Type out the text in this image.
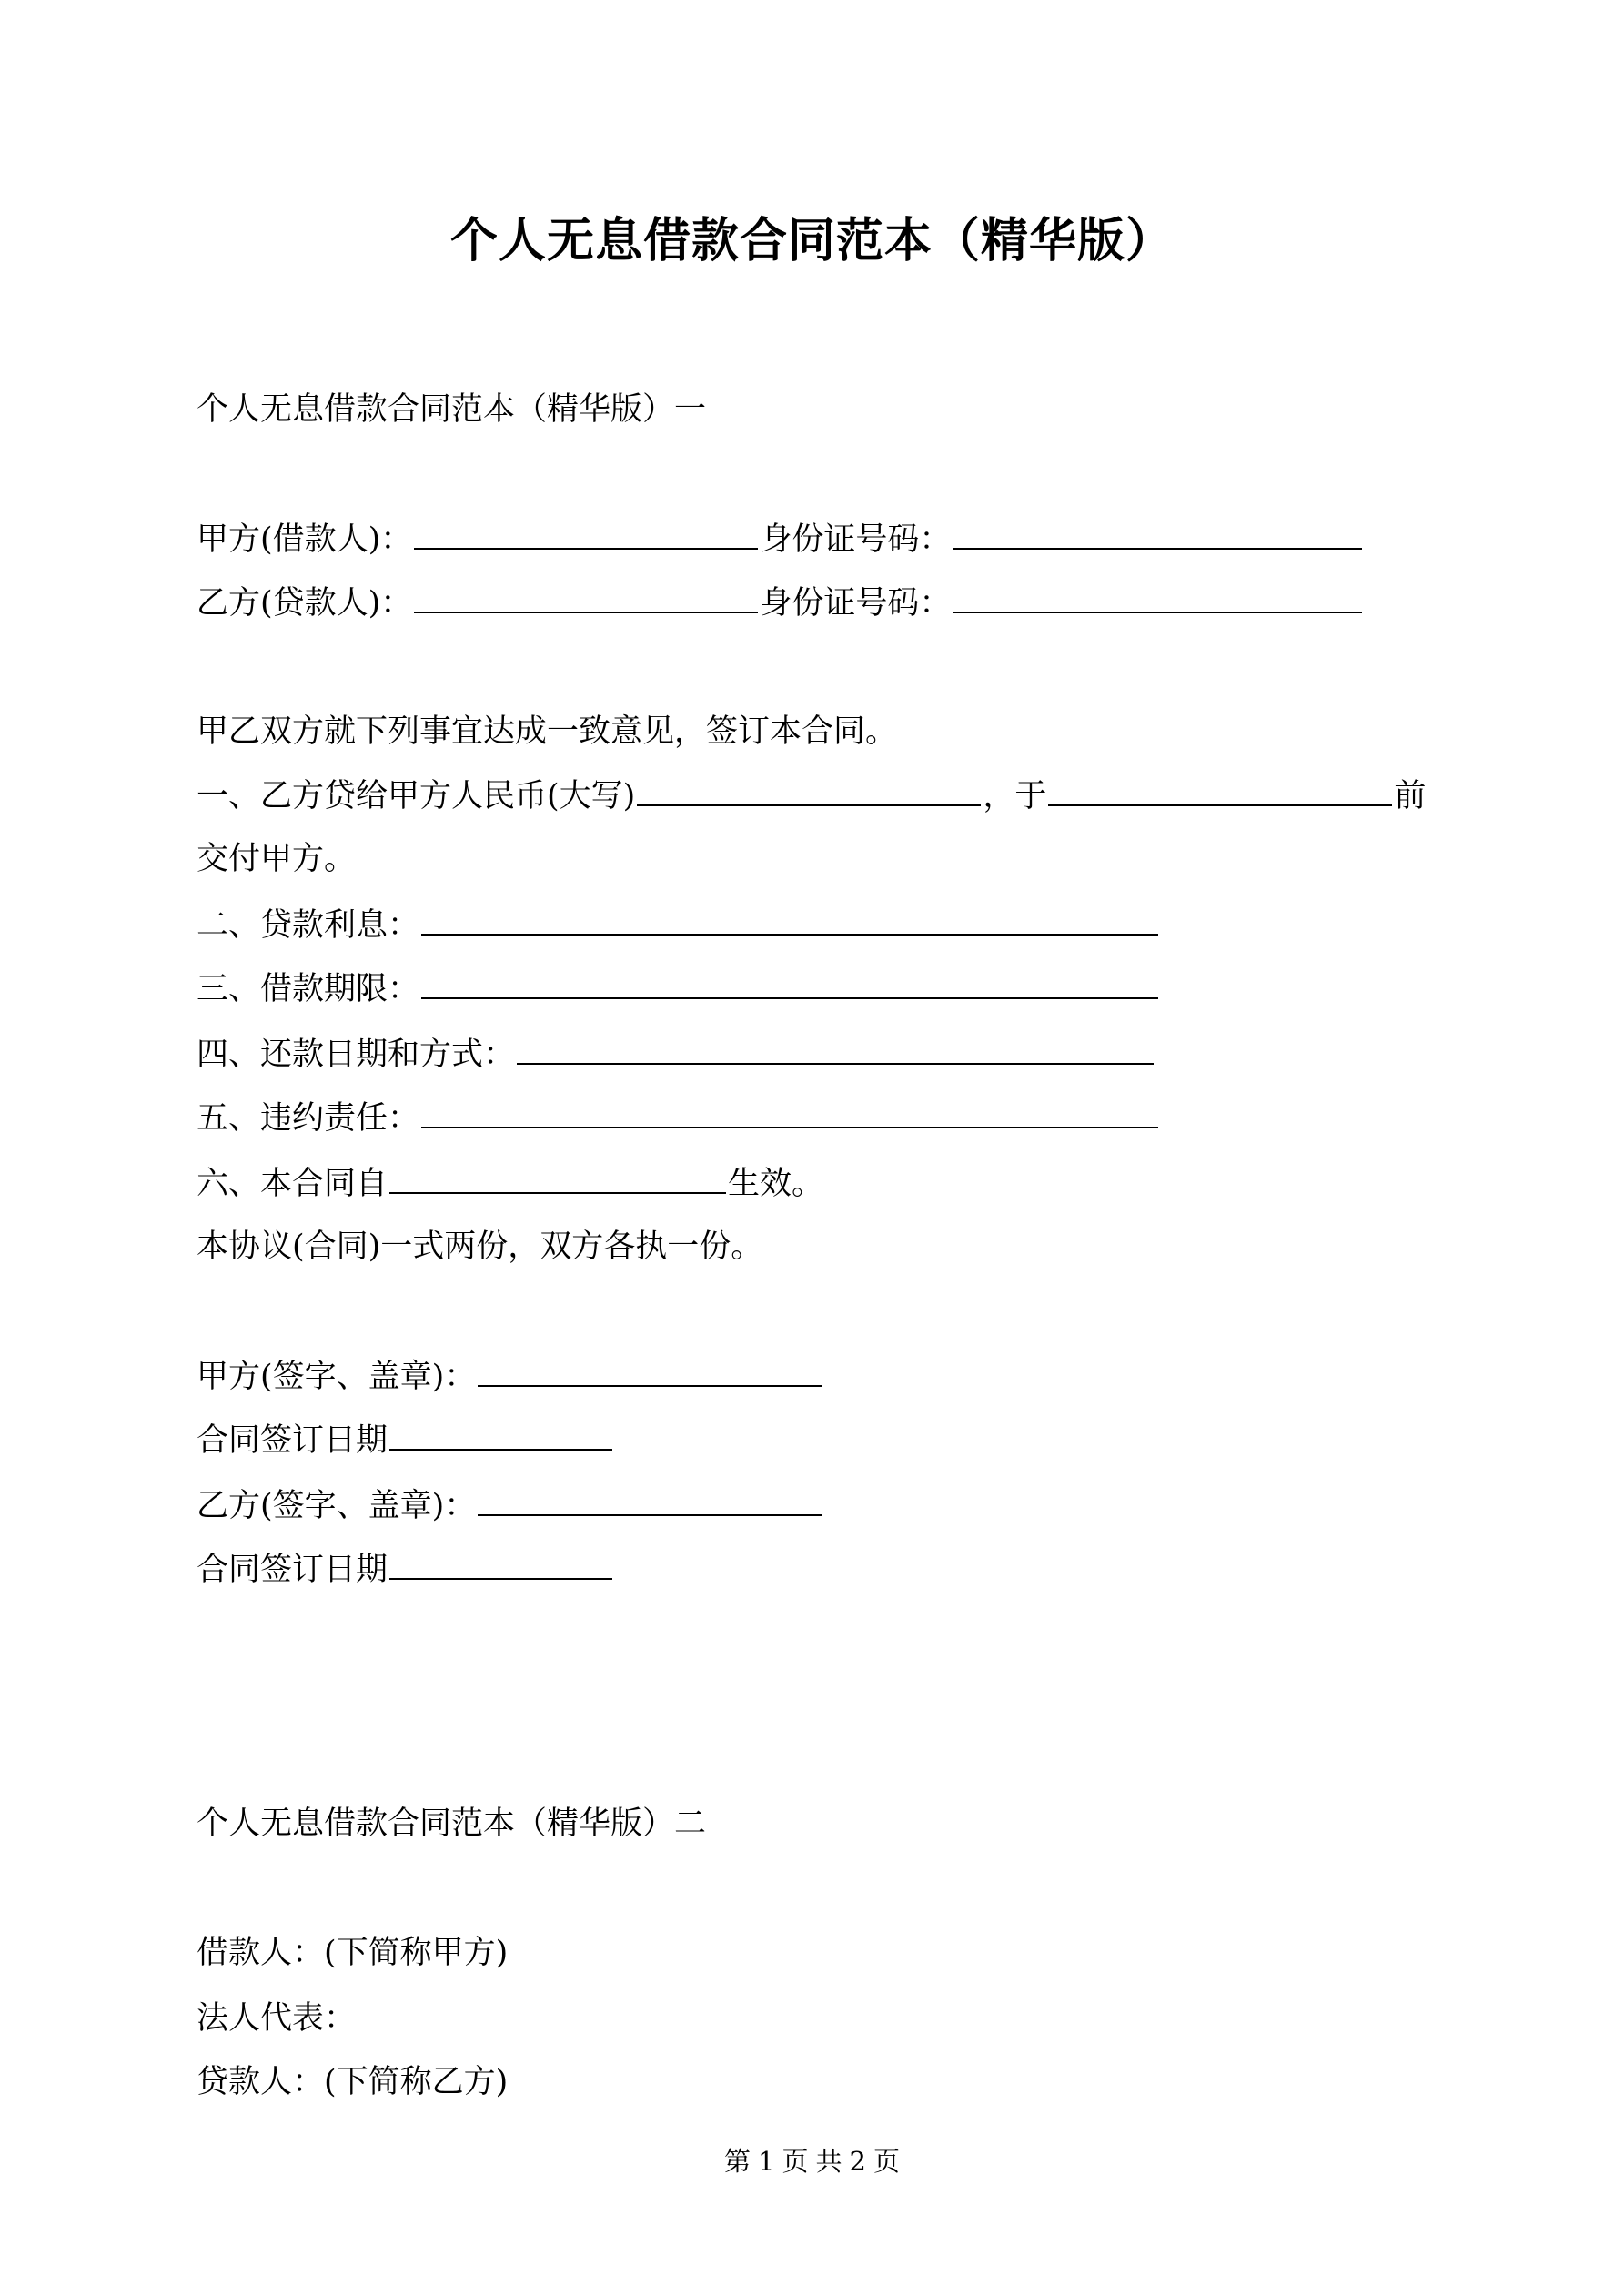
个人无息借款合同范本（精华版）
个人无息借款合同范本（精华版）一
甲方(借款人)：	身份证号码：
乙方(贷款人)：	身份证号码：
甲乙双方就下列事宜达成一致意见，签订本合同。
一、乙方贷给甲方人民币(大写)	，于	前
交付甲方。
二、贷款利息：
三、借款期限：
四、还款日期和方式：
五、违约责任：
六、本合同自	生效。
本协议(合同)一式两份，双方各执一份。
甲方(签字、盖章)：
合同签订日期
乙方(签字、盖章)：
合同签订日期
个人无息借款合同范本（精华版）二
借款人：(下简称甲方)
法人代表：
贷款人：(下简称乙方)
第 1 页 共 2 页
